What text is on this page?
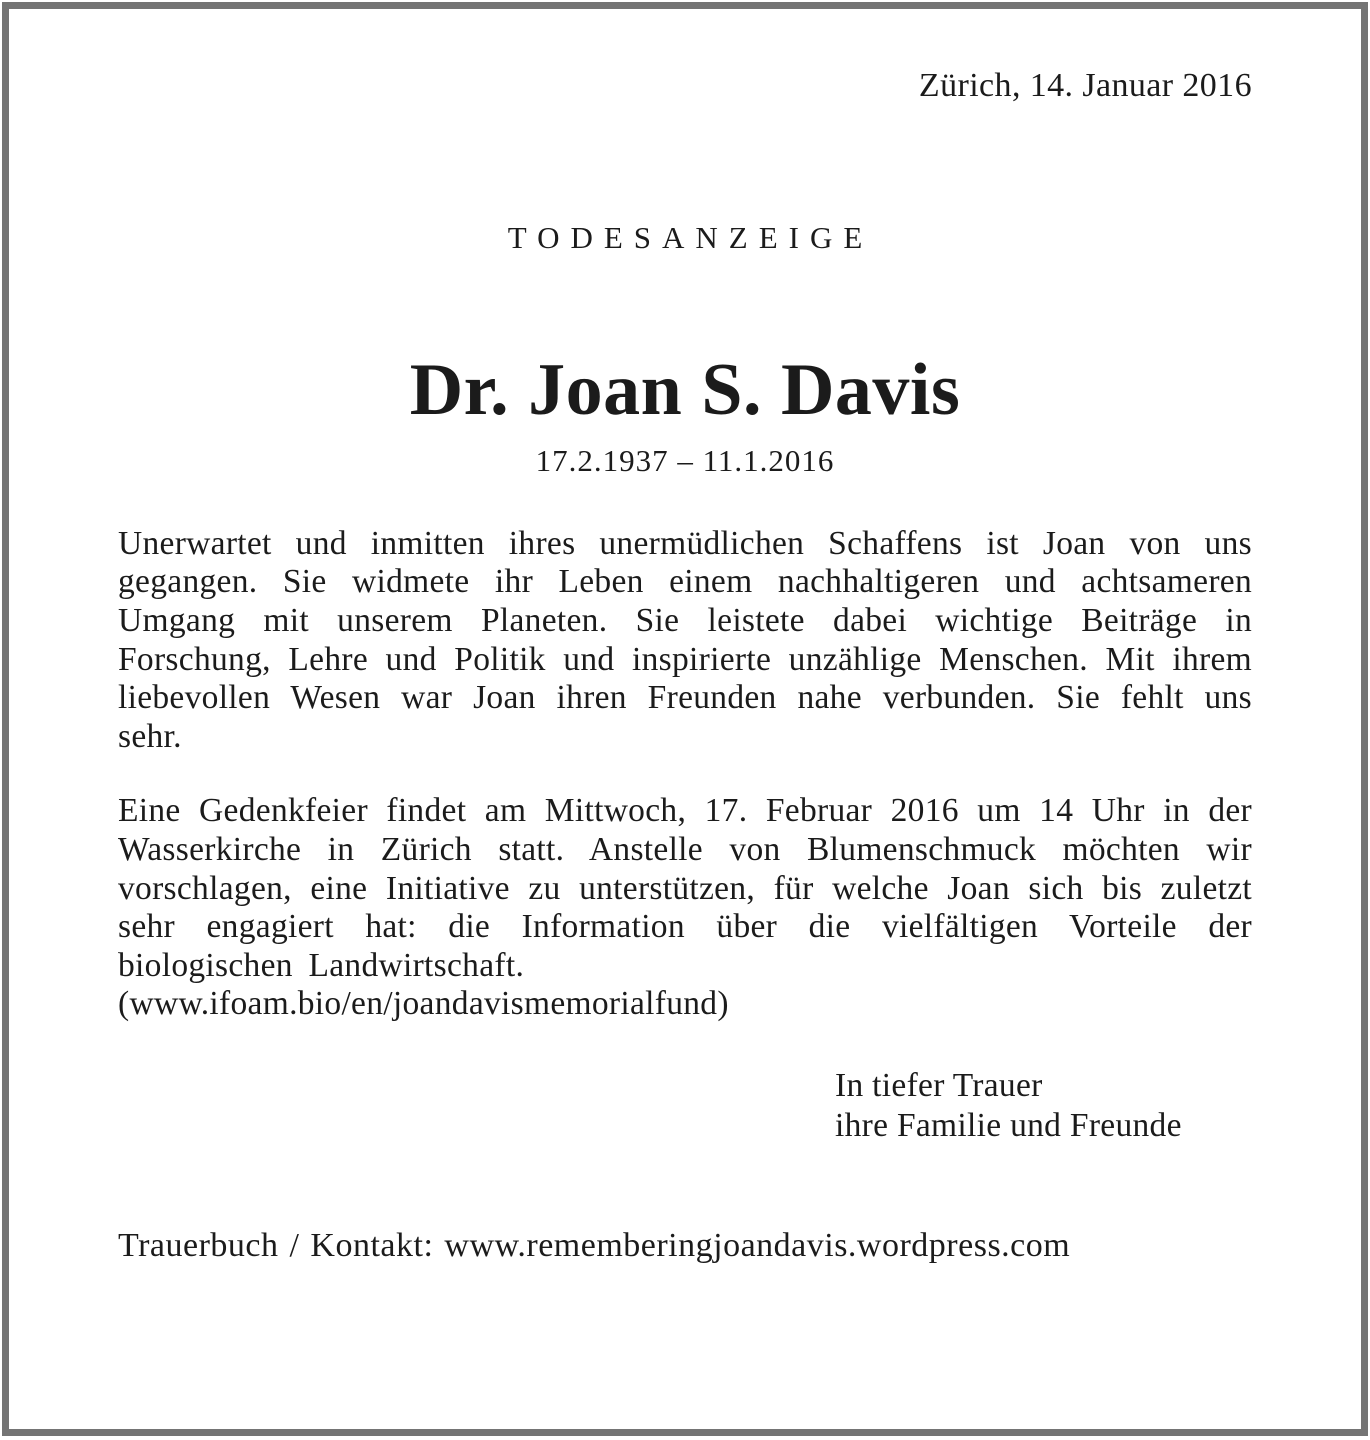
Zürich, 14. Januar 2016
TODESANZEIGE
Dr. Joan S. Davis
17.2.1937 – 11.1.2016

Unerwartet und inmitten ihres unermüdlichen Schaffens ist Joan von uns gegangen. Sie widmete ihr Leben einem nachhaltigeren und achtsameren Umgang mit unserem Planeten. Sie leistete dabei wichtige Beiträge in Forschung, Lehre und Politik und inspirierte unzählige Menschen. Mit ihrem liebevollen Wesen war Joan ihren Freunden nahe verbunden. Sie fehlt uns sehr.

Eine Gedenkfeier findet am Mittwoch, 17. Februar 2016 um 14 Uhr in der Wasserkirche in Zürich statt. Anstelle von Blumenschmuck möchten wir vorschlagen, eine Initiative zu unterstützen, für welche Joan sich bis zuletzt sehr engagiert hat: die Information über die vielfältigen Vorteile der biologischen Landwirtschaft.

(www.ifoam.bio/en/joandavismemorialfund)
In tiefer Trauer
ihre Familie und Freunde
Trauerbuch / Kontakt: www.rememberingjoandavis.wordpress.com
